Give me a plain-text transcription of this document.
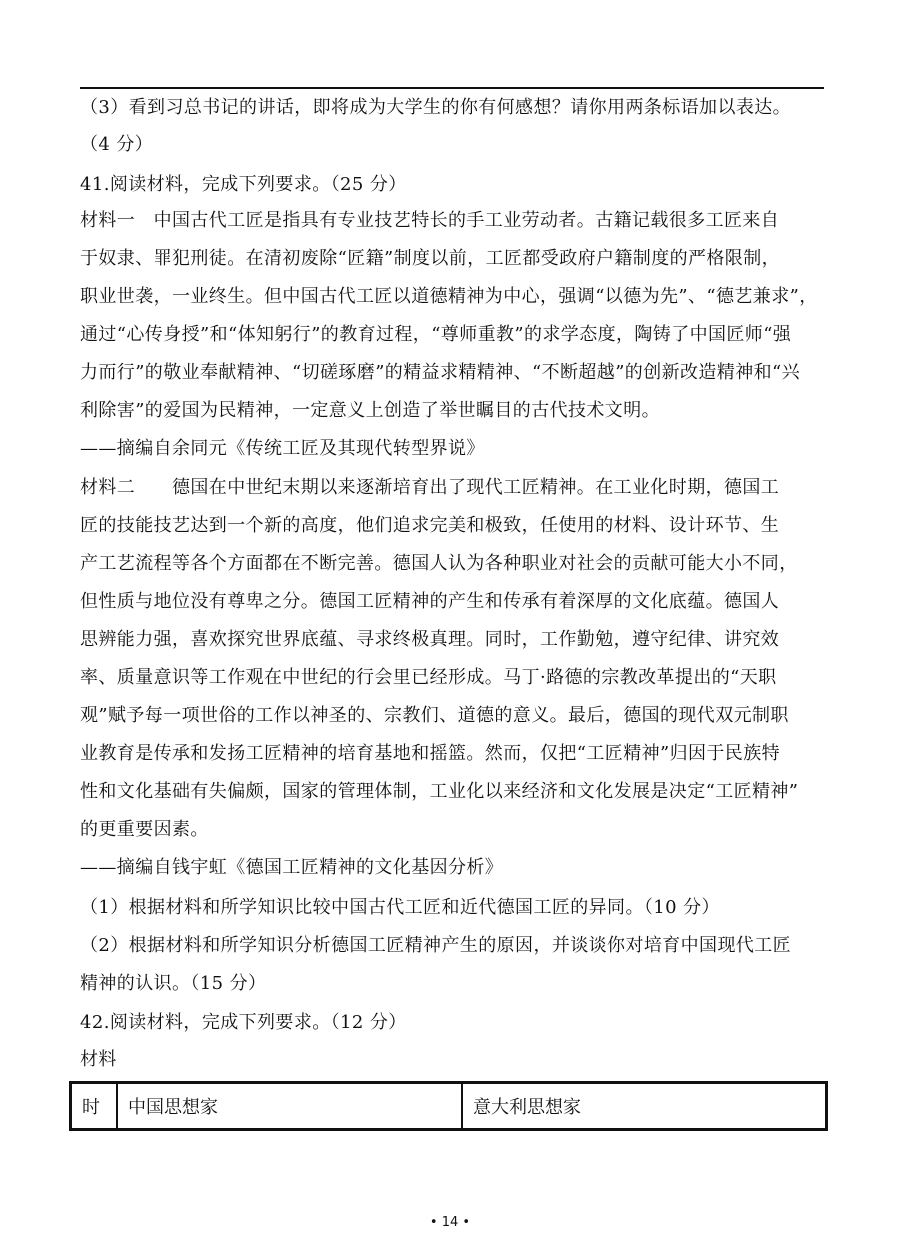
（3）看到习总书记的讲话，即将成为大学生的你有何感想？请你用两条标语加以表达。
（4 分）
41.阅读材料，完成下列要求。（25 分）
材料一　中国古代工匠是指具有专业技艺特长的手工业劳动者。古籍记载很多工匠来自
于奴隶、罪犯刑徒。在清初废除“匠籍”制度以前，工匠都受政府户籍制度的严格限制，
职业世袭，一业终生。但中国古代工匠以道德精神为中心，强调“以德为先”、“德艺兼求”，
通过“心传身授”和“体知躬行”的教育过程，“尊师重教”的求学态度，陶铸了中国匠师“强
力而行”的敬业奉献精神、“切磋琢磨”的精益求精精神、“不断超越”的创新改造精神和“兴
利除害”的爱国为民精神，一定意义上创造了举世瞩目的古代技术文明。
——摘编自余同元《传统工匠及其现代转型界说》
材料二　　德国在中世纪末期以来逐渐培育出了现代工匠精神。在工业化时期，德国工
匠的技能技艺达到一个新的高度，他们追求完美和极致，任使用的材料、设计环节、生
产工艺流程等各个方面都在不断完善。德国人认为各种职业对社会的贡献可能大小不同，
但性质与地位没有尊卑之分。德国工匠精神的产生和传承有着深厚的文化底蕴。德国人
思辨能力强，喜欢探究世界底蕴、寻求终极真理。同时，工作勤勉，遵守纪律、讲究效
率、质量意识等工作观在中世纪的行会里已经形成。马丁·路德的宗教改革提出的“天职
观”赋予每一项世俗的工作以神圣的、宗教们、道德的意义。最后，德国的现代双元制职
业教育是传承和发扬工匠精神的培育基地和摇篮。然而，仅把“工匠精神”归因于民族特
性和文化基础有失偏颇，国家的管理体制，工业化以来经济和文化发展是决定“工匠精神”
的更重要因素。
——摘编自钱宇虹《德国工匠精神的文化基因分析》
（1）根据材料和所学知识比较中国古代工匠和近代德国工匠的异同。（10 分）
（2）根据材料和所学知识分析德国工匠精神产生的原因，并谈谈你对培育中国现代工匠
精神的认识。（15 分）
42.阅读材料，完成下列要求。（12 分）
材料
时	中国思想家	意大利思想家
• 14 •
